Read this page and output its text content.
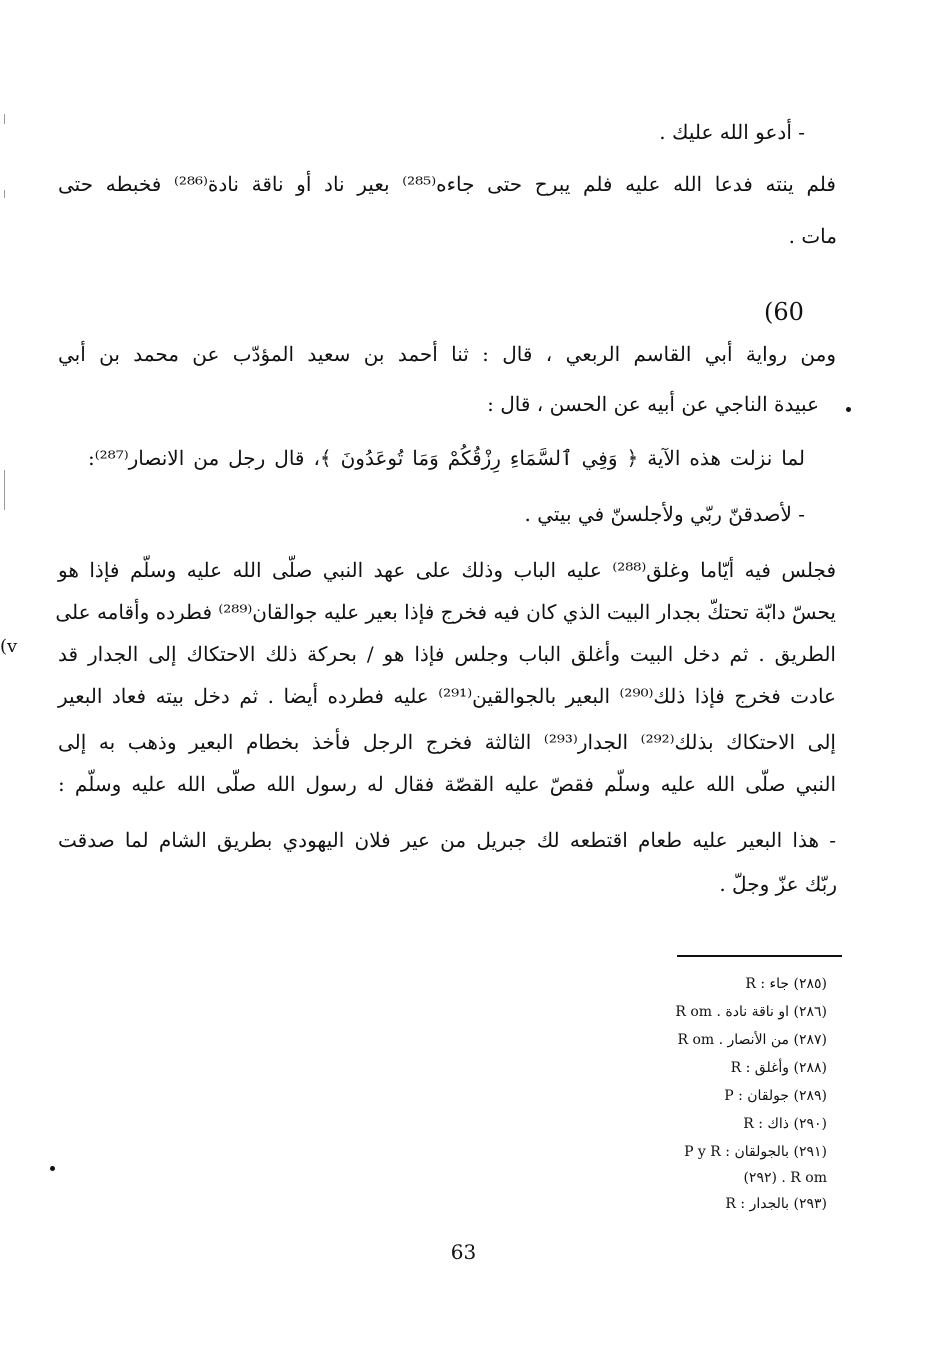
- أدعو الله عليك .
فلم ينته فدعا الله عليه فلم يبرح حتى جاءه⁽²⁸⁵⁾ بعير ناد أو ناقة نادة⁽²⁸⁶⁾ فخبطه حتى
مات .
(60
ومن رواية أبي القاسم الربعي ، قال : ثنا أحمد بن سعيد المؤدّب عن محمد بن أبي
عبيدة الناجي عن أبيه عن الحسن ، قال :
لما نزلت هذه الآية ﴿ وَفِي ٱلسَّمَاءِ رِزْقُكُمْ وَمَا تُوعَدُونَ ﴾، قال رجل من الانصار⁽²⁸⁷⁾:
- لأصدقنّ ربّي ولأجلسنّ في بيتي .
فجلس فيه أيّاما وغلق⁽²⁸⁸⁾ عليه الباب وذلك على عهد النبي صلّى الله عليه وسلّم فإذا هو
يحسّ دابّة تحتكّ بجدار البيت الذي كان فيه فخرج فإذا بعير عليه جوالقان⁽²⁸⁹⁾ فطرده وأقامه على
الطريق . ثم دخل البيت وأغلق الباب وجلس فإذا هو / بحركة ذلك الاحتكاك إلى الجدار قد
عادت فخرج فإذا ذلك⁽²⁹⁰⁾ البعير بالجوالقين⁽²⁹¹⁾ عليه فطرده أيضا . ثم دخل بيته فعاد البعير
إلى الاحتكاك بذلك⁽²⁹²⁾ الجدار⁽²⁹³⁾ الثالثة فخرج الرجل فأخذ بخطام البعير وذهب به إلى
النبي صلّى الله عليه وسلّم فقصّ عليه القصّة فقال له رسول الله صلّى الله عليه وسلّم :
(v
- هذا البعير عليه طعام اقتطعه لك جبريل من عير فلان اليهودي بطريق الشام لما صدقت
ربّك عزّ وجلّ .
(٢٨٥) جاء : R
(٢٨٦) او ناقة نادة . R om
(٢٨٧) من الأنصار . R om
(٢٨٨) وأغلق : R
(٢٨٩) جولقان : P
(٢٩٠) ذاك : R
(٢٩١) بالجولقان : P y R
(٢٩٢) . R om
(٢٩٣) بالجدار : R
63
